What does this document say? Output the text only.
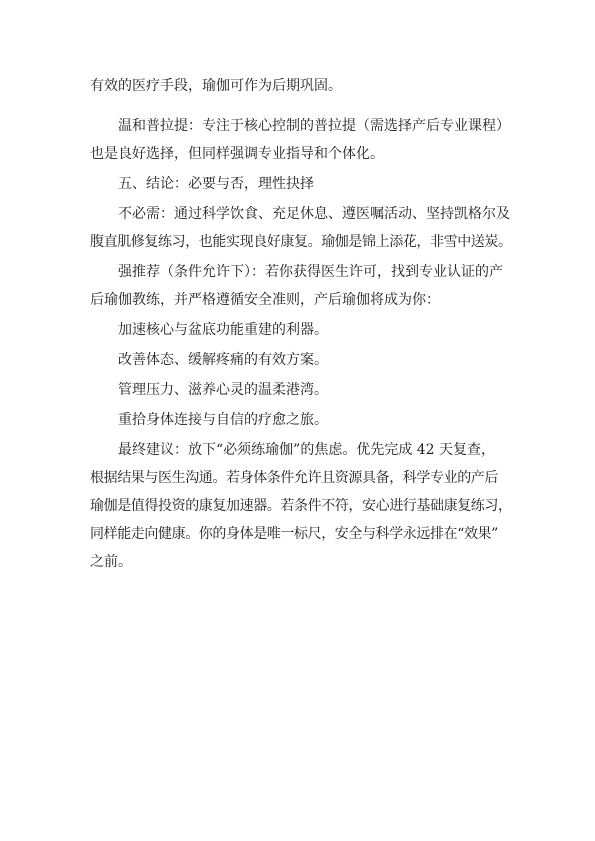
有效的医疗手段，瑜伽可作为后期巩固。

温和普拉提：专注于核心控制的普拉提（需选择产后专业课程）

也是良好选择，但同样强调专业指导和个体化。

五、结论：必要与否，理性抉择

不必需：通过科学饮食、充足休息、遵医嘱活动、坚持凯格尔及

腹直肌修复练习，也能实现良好康复。瑜伽是锦上添花，非雪中送炭。

强推荐（条件允许下）：若你获得医生许可，找到专业认证的产

后瑜伽教练，并严格遵循安全准则，产后瑜伽将成为你：

加速核心与盆底功能重建的利器。

改善体态、缓解疼痛的有效方案。

管理压力、滋养心灵的温柔港湾。

重拾身体连接与自信的疗愈之旅。

最终建议：放下“必须练瑜伽”的焦虑。优先完成 42 天复查，

根据结果与医生沟通。若身体条件允许且资源具备，科学专业的产后

瑜伽是值得投资的康复加速器。若条件不符，安心进行基础康复练习，

同样能走向健康。你的身体是唯一标尺，安全与科学永远排在“效果”

之前。
